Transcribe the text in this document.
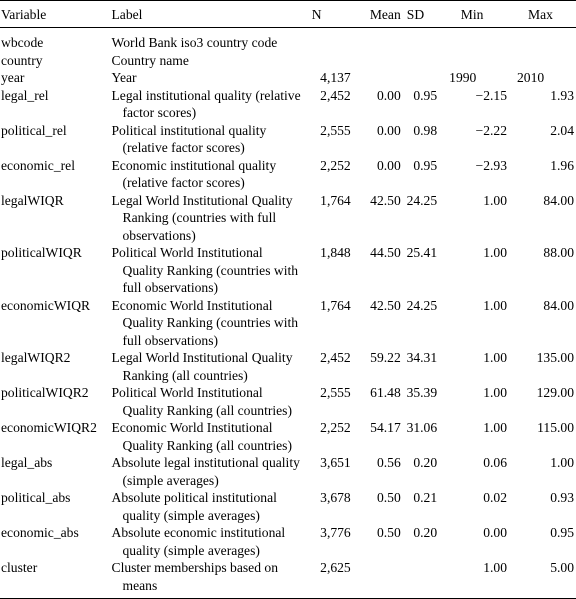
Variable	Label	N	Mean	SD	Min	Max
wbcode	World Bank iso3 country code					

country	Country name					

year	Year	4,137			1990	2010
legal_rel	Legal institutional quality (relative
factor scores)	2,452	0.00	0.95	−2.15	1.93
political_rel	Political institutional quality
(relative factor scores)	2,555	0.00	0.98	−2.22	2.04
economic_rel	Economic institutional quality
(relative factor scores)	2,252	0.00	0.95	−2.93	1.96
legalWIQR	Legal World Institutional Quality
Ranking (countries with full
observations)	1,764	42.50	24.25	1.00	84.00
politicalWIQR	Political World Institutional
Quality Ranking (countries with
full observations)	1,848	44.50	25.41	1.00	88.00
economicWIQR	Economic World Institutional
Quality Ranking (countries with
full observations)	1,764	42.50	24.25	1.00	84.00
legalWIQR2	Legal World Institutional Quality
Ranking (all countries)	2,452	59.22	34.31	1.00	135.00
politicalWIQR2	Political World Institutional
Quality Ranking (all countries)	2,555	61.48	35.39	1.00	129.00
economicWIQR2	Economic World Institutional
Quality Ranking (all countries)	2,252	54.17	31.06	1.00	115.00
legal_abs	Absolute legal institutional quality
(simple averages)	3,651	0.56	0.20	0.06	1.00
political_abs	Absolute political institutional
quality (simple averages)	3,678	0.50	0.21	0.02	0.93
economic_abs	Absolute economic institutional
quality (simple averages)	3,776	0.50	0.20	0.00	0.95
cluster	Cluster memberships based on
means	2,625			1.00	5.00
